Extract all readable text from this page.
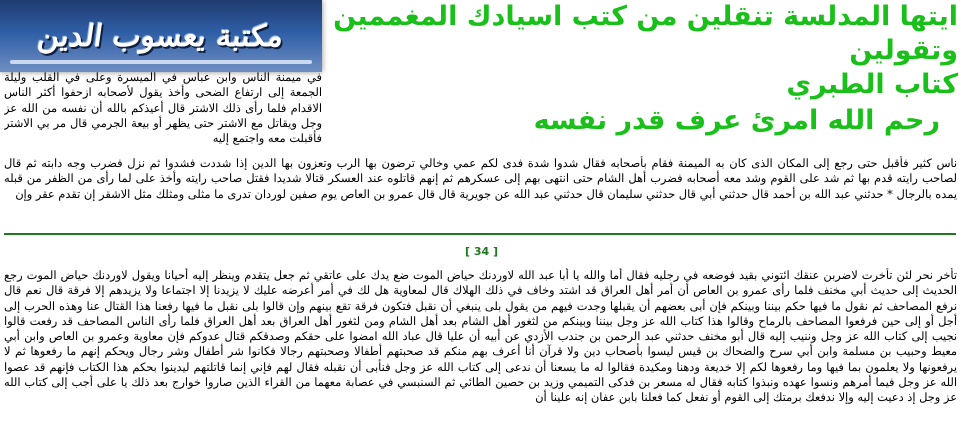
مكتبة يعسوب الدين
ايتها المدلسة تنقلين من كتب اسيادك المغممين وتقولين
كتاب الطبري
رحم الله امرئ عرف قدر نفسه

في ميمنة الناس وابن عباس في الميسرة وعلى في القلب وليلة الجمعة إلى ارتفاع الضحى وأخذ يقول لأصحابه ازحفوا أكثر الناس الاقدام فلما رأى ذلك الاشتر قال أعيذكم بالله أن نفسه من الله عز وجل ويقاتل مع الاشتر حتى يظهر أو بيعة الجرمي قال مر بي الاشتر فأقبلت معه واجتمع إليه

ناس كثير فأقبل حتى رجع إلى المكان الذى كان به الميمنة فقام بأصحابه فقال شدوا شدة فدى لكم عمي وخالي ترضون بها الرب وتعزون بها الدين إذا شددت فشدوا ثم نزل فضرب وجه دابته ثم قال لصاحب رايته قدم بها ثم شد على القوم وشد معه أصحابه فضرب أهل الشام حتى انتهى بهم إلى عسكرهم ثم إنهم قاتلوه عند العسكر قتالا شديدا فقتل صاحب رايته وأخذ على لما رأى من الظفر من قبله يمده بالرجال * حدثني عبد الله بن أحمد قال حدثني أبي قال حدثني سليمان قال حدثني عبد الله عن جويرية قال قال عمرو بن العاص يوم صفين لوردان تدرى ما مثلى ومثلك مثل الاشقر إن تقدم عقر وإن

[ 34 ]

تأخر نحر لئن تأخرت لاضربن عنقك ائتوني بقيد فوضعه في رجليه فقال أما والله يا أبا عبد الله لاوردنك حياض الموت ضع يدك على عاتقي ثم جعل يتقدم وينظر إليه أحيانا ويقول لاوردنك حياض الموت رجع الحديث إلى حديث أبي مخنف فلما رأى عمرو بن العاص أن أمر أهل العراق قد اشتد وخاف في ذلك الهلاك قال لمعاوية هل لك في أمر أعرضه عليك لا يزيدنا إلا اجتماعا ولا يزيدهم إلا فرقة قال نعم قال نرفع المصاحف ثم نقول ما فيها حكم بيننا وبينكم فإن أبى بعضهم أن يقبلها وجدت فيهم من يقول بلى ينبغي أن نقبل فتكون فرقة تقع بينهم وإن قالوا بلى نقبل ما فيها رفعنا هذا القتال عنا وهذه الحرب إلى أجل أو إلى حين فرفعوا المصاحف بالرماح وقالوا هذا كتاب الله عز وجل بيننا وبينكم من لثغور أهل الشام بعد أهل الشام ومن لثغور أهل العراق بعد أهل العراق فلما رأى الناس المصاحف قد رفعت قالوا نجيب إلى كتاب الله عز وجل وننيب إليه قال أبو مخنف حدثني عبد الرحمن بن جندب الأزدي عن أبيه أن عليا قال عباد الله امضوا على حقكم وصدقكم قتال عدوكم فإن معاوية وعمرو بن العاص وابن أبي معيط وحبيب بن مسلمة وابن أبي سرح والضحاك بن قيس ليسوا بأصحاب دين ولا قرآن أنا أعرف بهم منكم قد صحبتهم أطفالا وصحبتهم رجالا فكانوا شر أطفال وشر رجال ويحكم إنهم ما رفعوها ثم لا يرفعونها ولا يعلمون بما فيها وما رفعوها لكم إلا خديعة ودهنا ومكيدة فقالوا له ما يسعنا أن ندعى إلى كتاب الله عز وجل فنأبى أن نقبله فقال لهم فإني إنما قاتلتهم ليدينوا بحكم هذا الكتاب فإنهم قد عصوا الله عز وجل فيما أمرهم ونسوا عهده ونبذوا كتابه فقال له مسعر بن فدكى التميمي وزيد بن حصين الطائي ثم السنبسي في عصابة معهما من القراء الذين صاروا خوارج بعد ذلك يا على أجب إلى كتاب الله عز وجل إذ دعيت إليه وإلا ندفعك برمتك إلى القوم أو نفعل كما فعلنا بابن عفان إنه علينا أن
